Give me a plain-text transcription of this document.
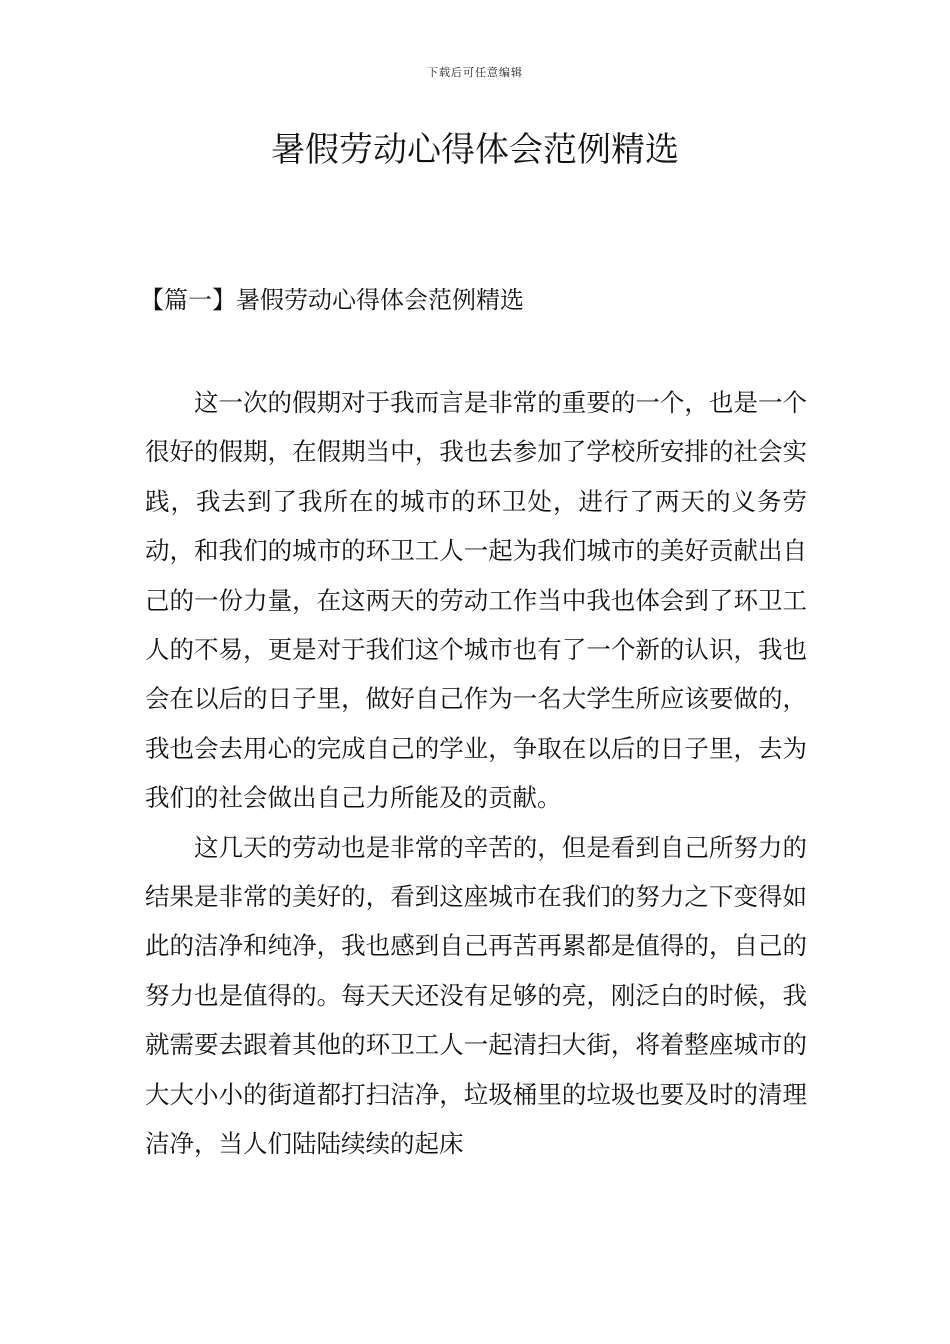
下载后可任意编辑
暑假劳动心得体会范例精选
【篇一】暑假劳动心得体会范例精选

这一次的假期对于我而言是非常的重要的一个，也是一个很好的假期，在假期当中，我也去参加了学校所安排的社会实践，我去到了我所在的城市的环卫处，进行了两天的义务劳动，和我们的城市的环卫工人一起为我们城市的美好贡献出自己的一份力量，在这两天的劳动工作当中我也体会到了环卫工人的不易，更是对于我们这个城市也有了一个新的认识，我也会在以后的日子里，做好自己作为一名大学生所应该要做的，我也会去用心的完成自己的学业，争取在以后的日子里，去为我们的社会做出自己力所能及的贡献。

这几天的劳动也是非常的辛苦的，但是看到自己所努力的结果是非常的美好的，看到这座城市在我们的努力之下变得如此的洁净和纯净，我也感到自己再苦再累都是值得的，自己的努力也是值得的。每天天还没有足够的亮，刚泛白的时候，我就需要去跟着其他的环卫工人一起清扫大街，将着整座城市的大大小小的街道都打扫洁净，垃圾桶里的垃圾也要及时的清理洁净，当人们陆陆续续的起床
